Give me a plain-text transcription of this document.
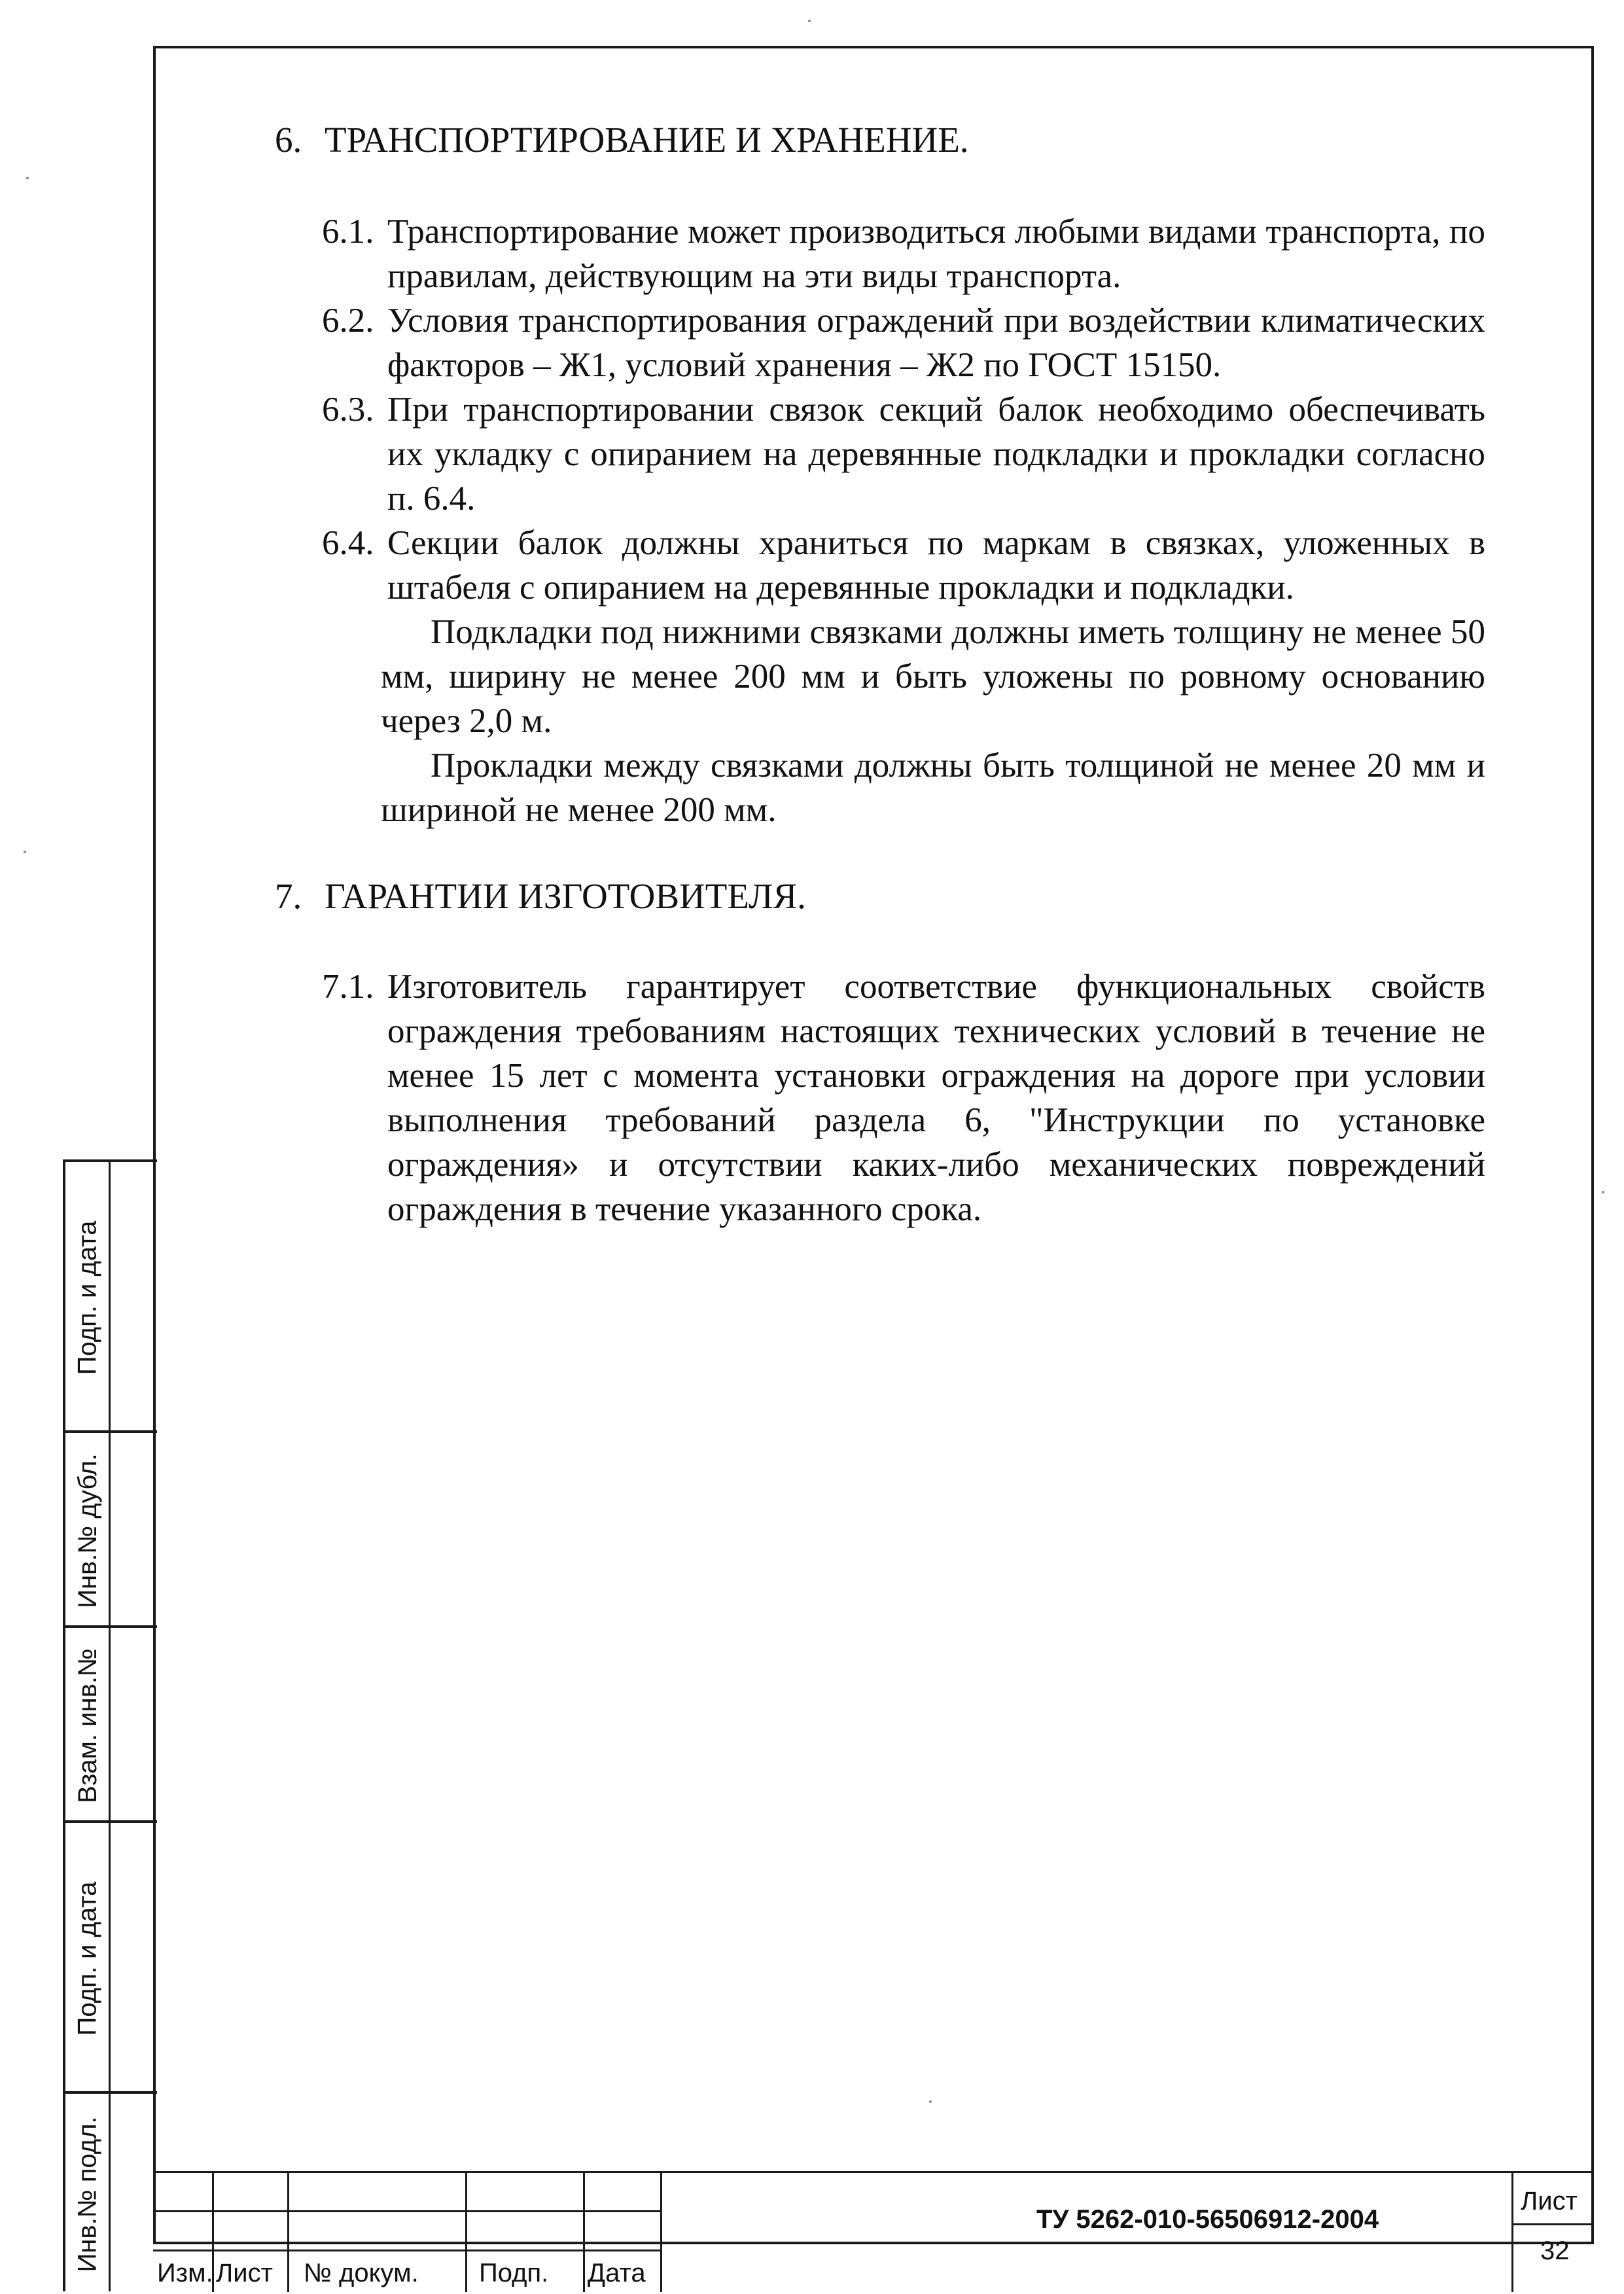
6. ТРАНСПОРТИРОВАНИЕ И ХРАНЕНИЕ.

6.1. Транспортирование может производиться любыми видами транспорта, по правилам, действующим на эти виды транспорта.
6.2. Условия транспортирования ограждений при воздействии климатических факторов – Ж1, условий хранения – Ж2 по ГОСТ 15150.
6.3. При транспортировании связок секций балок необходимо обеспечивать их укладку с опиранием на деревянные подкладки и прокладки согласно п. 6.4.
6.4. Секции балок должны храниться по маркам в связках, уложенных в штабеля с опиранием на деревянные прокладки и подкладки.
Подкладки под нижними связками должны иметь толщину не менее 50 мм, ширину не менее 200 мм и быть уложены по ровному основанию через 2,0 м.
Прокладки между связками должны быть толщиной не менее 20 мм и шириной не менее 200 мм.

7. ГАРАНТИИ ИЗГОТОВИТЕЛЯ.

7.1. Изготовитель гарантирует соответствие функциональных свойств ограждения требованиям настоящих технических условий в течение не менее 15 лет с момента установки ограждения на дороге при условии выполнения требований раздела 6, "Инструкции по установке ограждения» и отсутствии каких-либо механических повреждений ограждения в течение указанного срока.
Подп. и дата
Инв.№ дубл.
Взам. инв.№
Подп. и дата
Инв.№ подл.
Изм. Лист № докум. Подп. Дата
ТУ 5262-010-56506912-2004
Лист
32
